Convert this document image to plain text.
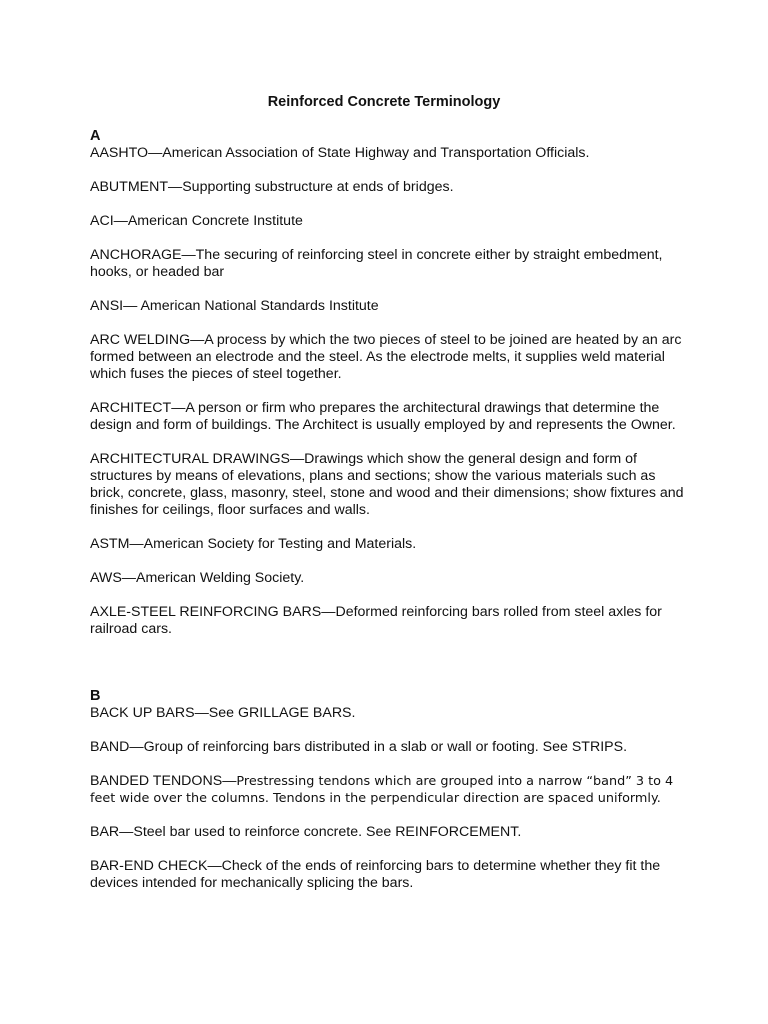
Reinforced Concrete Terminology
A

AASHTO—American Association of State Highway and Transportation Officials.

ABUTMENT—Supporting substructure at ends of bridges.

ACI—American Concrete Institute

ANCHORAGE—The securing of reinforcing steel in concrete either by straight embedment, hooks, or headed bar

ANSI— American National Standards Institute

ARC WELDING—A process by which the two pieces of steel to be joined are heated by an arc formed between an electrode and the steel. As the electrode melts, it supplies weld material which fuses the pieces of steel together.

ARCHITECT—A person or firm who prepares the architectural drawings that determine the design and form of buildings. The Architect is usually employed by and represents the Owner.

ARCHITECTURAL DRAWINGS—Drawings which show the general design and form of structures by means of elevations, plans and sections; show the various materials such as brick, concrete, glass, masonry, steel, stone and wood and their dimensions; show fixtures and finishes for ceilings, floor surfaces and walls.

ASTM—American Society for Testing and Materials.

AWS—American Welding Society.

AXLE-STEEL REINFORCING BARS—Deformed reinforcing bars rolled from steel axles for railroad cars.

B

BACK UP BARS—See GRILLAGE BARS.

BAND—Group of reinforcing bars distributed in a slab or wall or footing. See STRIPS.

BANDED TENDONS—Prestressing tendons which are grouped into a narrow “band” 3 to 4 feet wide over the columns. Tendons in the perpendicular direction are spaced uniformly.

BAR—Steel bar used to reinforce concrete. See REINFORCEMENT.

BAR-END CHECK—Check of the ends of reinforcing bars to determine whether they fit the devices intended for mechanically splicing the bars.
